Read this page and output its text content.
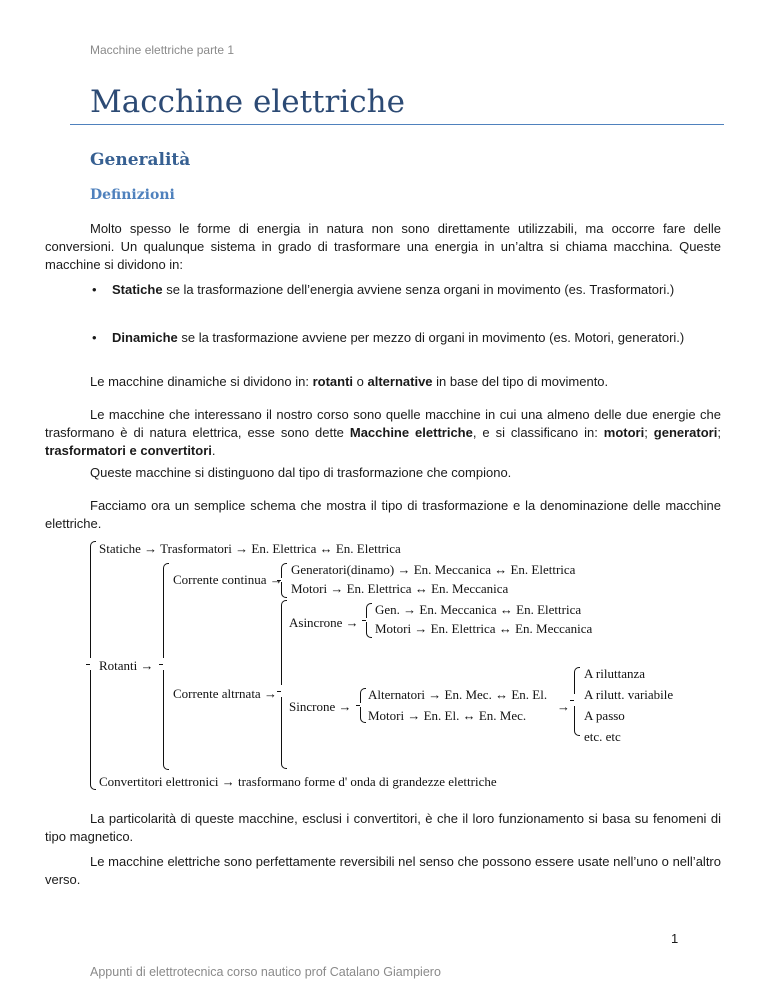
Macchine elettriche parte 1
Macchine elettriche
Generalità
Definizioni

Molto spesso le forme di energia in natura non sono direttamente utilizzabili, ma occorre fare delle conversioni. Un qualunque sistema in grado di trasformare una energia in un’altra si chiama macchina. Queste macchine si dividono in:

• Statiche se la trasformazione dell’energia avviene senza organi in movimento (es. Trasformatori.)
• Dinamiche se la trasformazione avviene per mezzo di organi in movimento (es. Motori, generatori.)

Le macchine dinamiche si dividono in: rotanti o alternative in base del tipo di movimento.

Le macchine che interessano il nostro corso sono quelle macchine in cui una almeno delle due energie che trasformano è di natura elettrica, esse sono dette Macchine elettriche, e si classificano in: motori; generatori; trasformatori e convertitori.

Queste macchine si distinguono dal tipo di trasformazione che compiono.

Facciamo ora un semplice schema che mostra il tipo di trasformazione e la denominazione delle macchine elettriche.

Statiche → Trasformatori → En. Elettrica ↔ En. Elettrica
Rotanti →
Corrente continua →
Generatori(dinamo) → En. Meccanica ↔ En. Elettrica
Motori → En. Elettrica ↔ En. Meccanica
Corrente altrnata →
Asincrone →
Gen. → En. Meccanica ↔ En. Elettrica
Motori → En. Elettrica ↔ En. Meccanica
Sincrone →
Alternatori → En. Mec. ↔ En. El.
Motori → En. El. ↔ En. Mec.
→
A riluttanza
A rilutt. variabile
A passo
etc. etc
Convertitori elettronici → trasformano forme d' onda di grandezze elettriche

La particolarità di queste macchine, esclusi i convertitori, è che il loro funzionamento si basa su fenomeni di tipo magnetico.

Le macchine elettriche sono perfettamente reversibili nel senso che possono essere usate nell’uno o nell’altro verso.

1
Appunti di elettrotecnica corso nautico prof Catalano Giampiero
